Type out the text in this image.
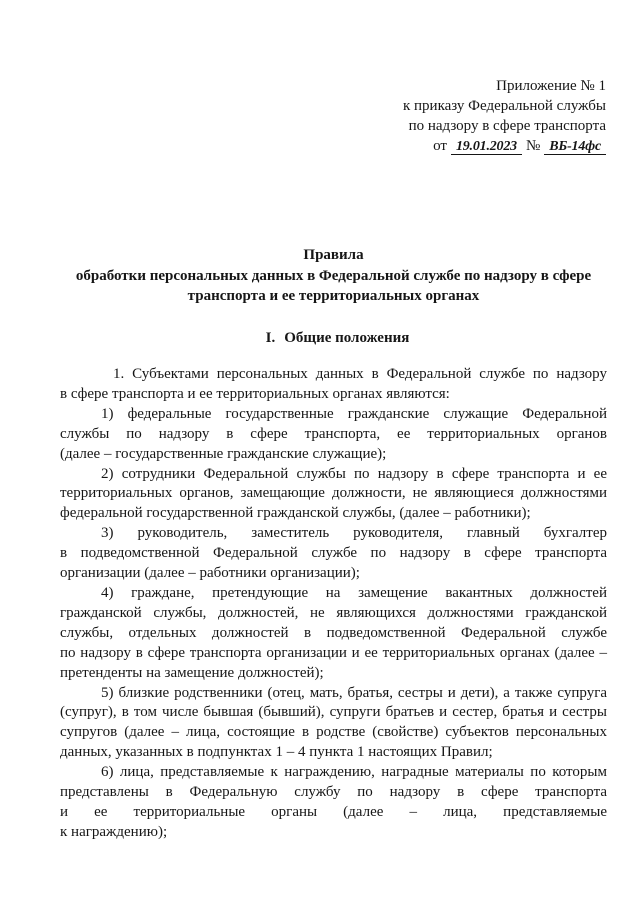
Приложение № 1
к приказу Федеральной службы
по надзору в сфере транспорта
от 19.01.2023 № ВБ-14фс
Правила
обработки персональных данных в Федеральной службе по надзору в сфере
транспорта и ее территориальных органах
I. Общие положения
1. Субъектами персональных данных в Федеральной службе по надзору
в сфере транспорта и ее территориальных органах являются:
1) федеральные государственные гражданские служащие Федеральной
службы по надзору в сфере транспорта, ее территориальных органов
(далее – государственные гражданские служащие);
2) сотрудники Федеральной службы по надзору в сфере транспорта и ее
территориальных органов, замещающие должности, не являющиеся должностями
федеральной государственной гражданской службы, (далее – работники);
3) руководитель, заместитель руководителя, главный бухгалтер
в подведомственной Федеральной службе по надзору в сфере транспорта
организации (далее – работники организации);
4) граждане, претендующие на замещение вакантных должностей
гражданской службы, должностей, не являющихся должностями гражданской
службы, отдельных должностей в подведомственной Федеральной службе
по надзору в сфере транспорта организации и ее территориальных органах (далее –
претенденты на замещение должностей);
5) близкие родственники (отец, мать, братья, сестры и дети), а также супруга
(супруг), в том числе бывшая (бывший), супруги братьев и сестер, братья и сестры
супругов (далее – лица, состоящие в родстве (свойстве) субъектов персональных
данных, указанных в подпунктах 1 – 4 пункта 1 настоящих Правил;
6) лица, представляемые к награждению, наградные материалы по которым
представлены в Федеральную службу по надзору в сфере транспорта
и ее территориальные органы (далее – лица, представляемые
к награждению);
